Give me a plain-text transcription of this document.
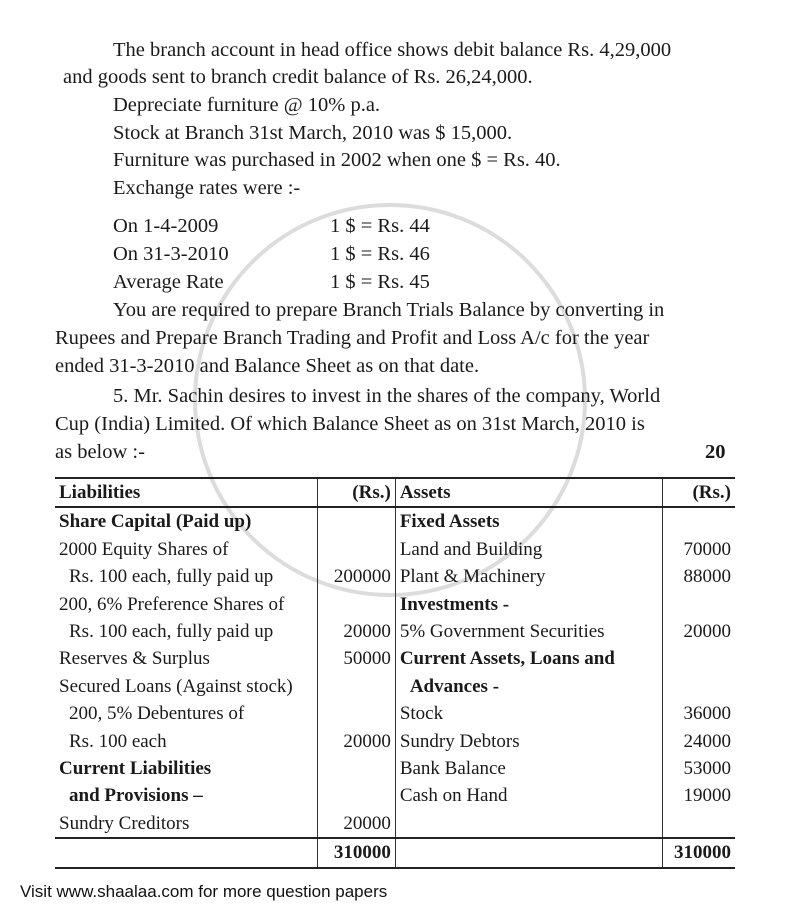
The branch account in head office shows debit balance Rs. 4,29,000
and goods sent to branch credit balance of Rs. 26,24,000.
Depreciate furniture @ 10% p.a.
Stock at Branch 31st March, 2010 was $ 15,000.
Furniture was purchased in 2002 when one $ = Rs. 40.
Exchange rates were :-
On 1-4-2009	1 $ = Rs. 44
On 31-3-2010	1 $ = Rs. 46
Average Rate	1 $ = Rs. 45
You are required to prepare Branch Trials Balance by converting in
Rupees and Prepare Branch Trading and Profit and Loss A/c for the year
ended 31-3-2010 and Balance Sheet as on that date.
5. Mr. Sachin desires to invest in the shares of the company, World
Cup (India) Limited. Of which Balance Sheet as on 31st March, 2010 is
as below :-	20
Liabilities	(Rs.)	Assets	(Rs.)
Share Capital (Paid up)		Fixed Assets	
2000 Equity Shares of		Land and Building	70000
Rs. 100 each, fully paid up	200000	Plant & Machinery	88000
200, 6% Preference Shares of		Investments -	
Rs. 100 each, fully paid up	20000	5% Government Securities	20000
Reserves & Surplus	50000	Current Assets, Loans and	
Secured Loans (Against stock)		Advances -	
200, 5% Debentures of		Stock	36000
Rs. 100 each	20000	Sundry Debtors	24000
Current Liabilities		Bank Balance	53000
and Provisions –		Cash on Hand	19000
Sundry Creditors	20000		
	310000		310000
Visit www.shaalaa.com for more question papers
